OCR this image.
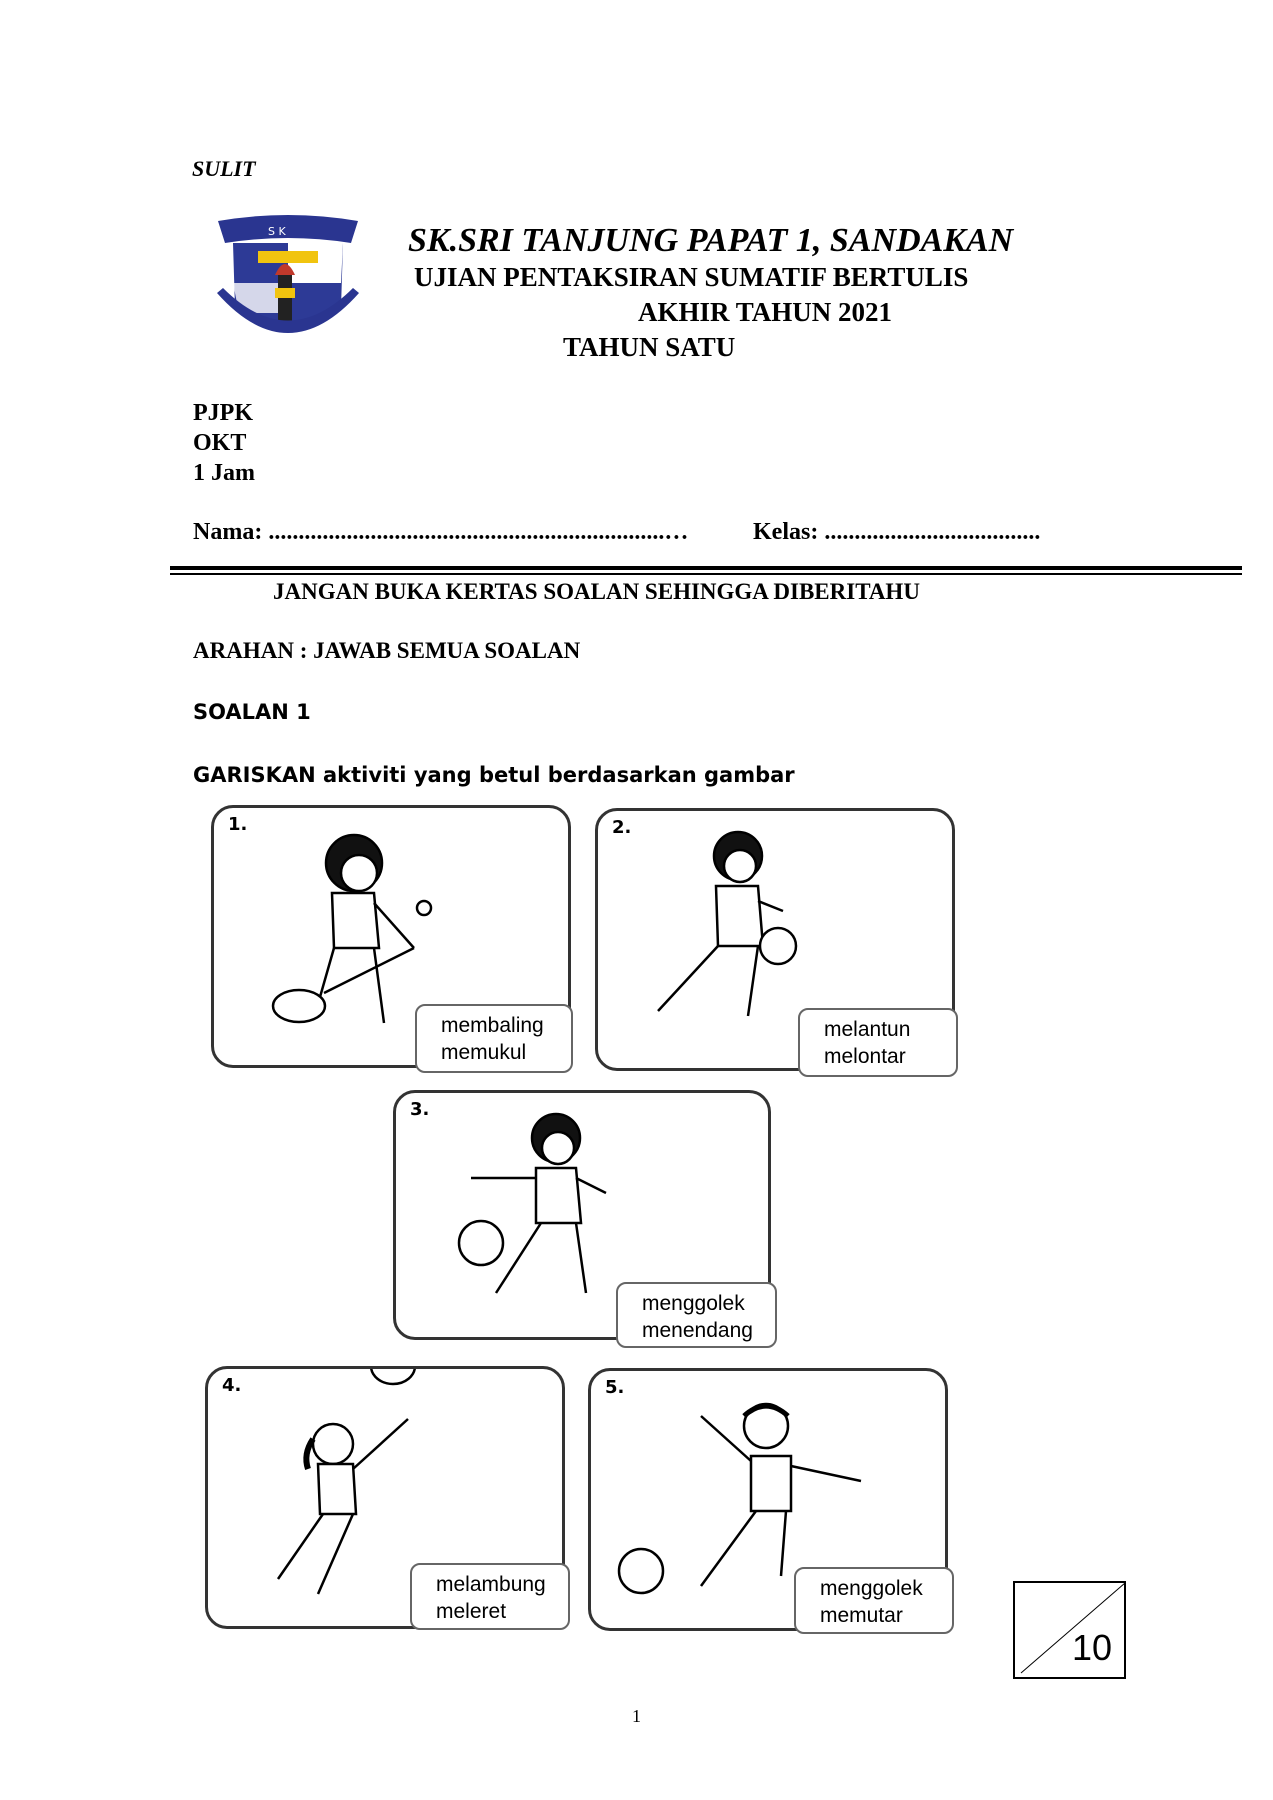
SULIT
S K	SK.SRI TANJUNG PAPAT 1, SANDAKAN
UJIAN PENTAKSIRAN SUMATIF BERTULIS
AKHIR TAHUN 2021
TAHUN SATU
PJPK
OKT
1 Jam
Nama: ..................................................................…	Kelas: ....................................
JANGAN BUKA KERTAS SOALAN SEHINGGA DIBERITAHU
ARAHAN : JAWAB SEMUA SOALAN
SOALAN 1
GARISKAN aktiviti yang betul berdasarkan gambar
1.
membaling
memukul
2.
melantun
melontar
3.
menggolek
menendang
4.
melambung
meleret
5.
menggolek
memutar
10
1
